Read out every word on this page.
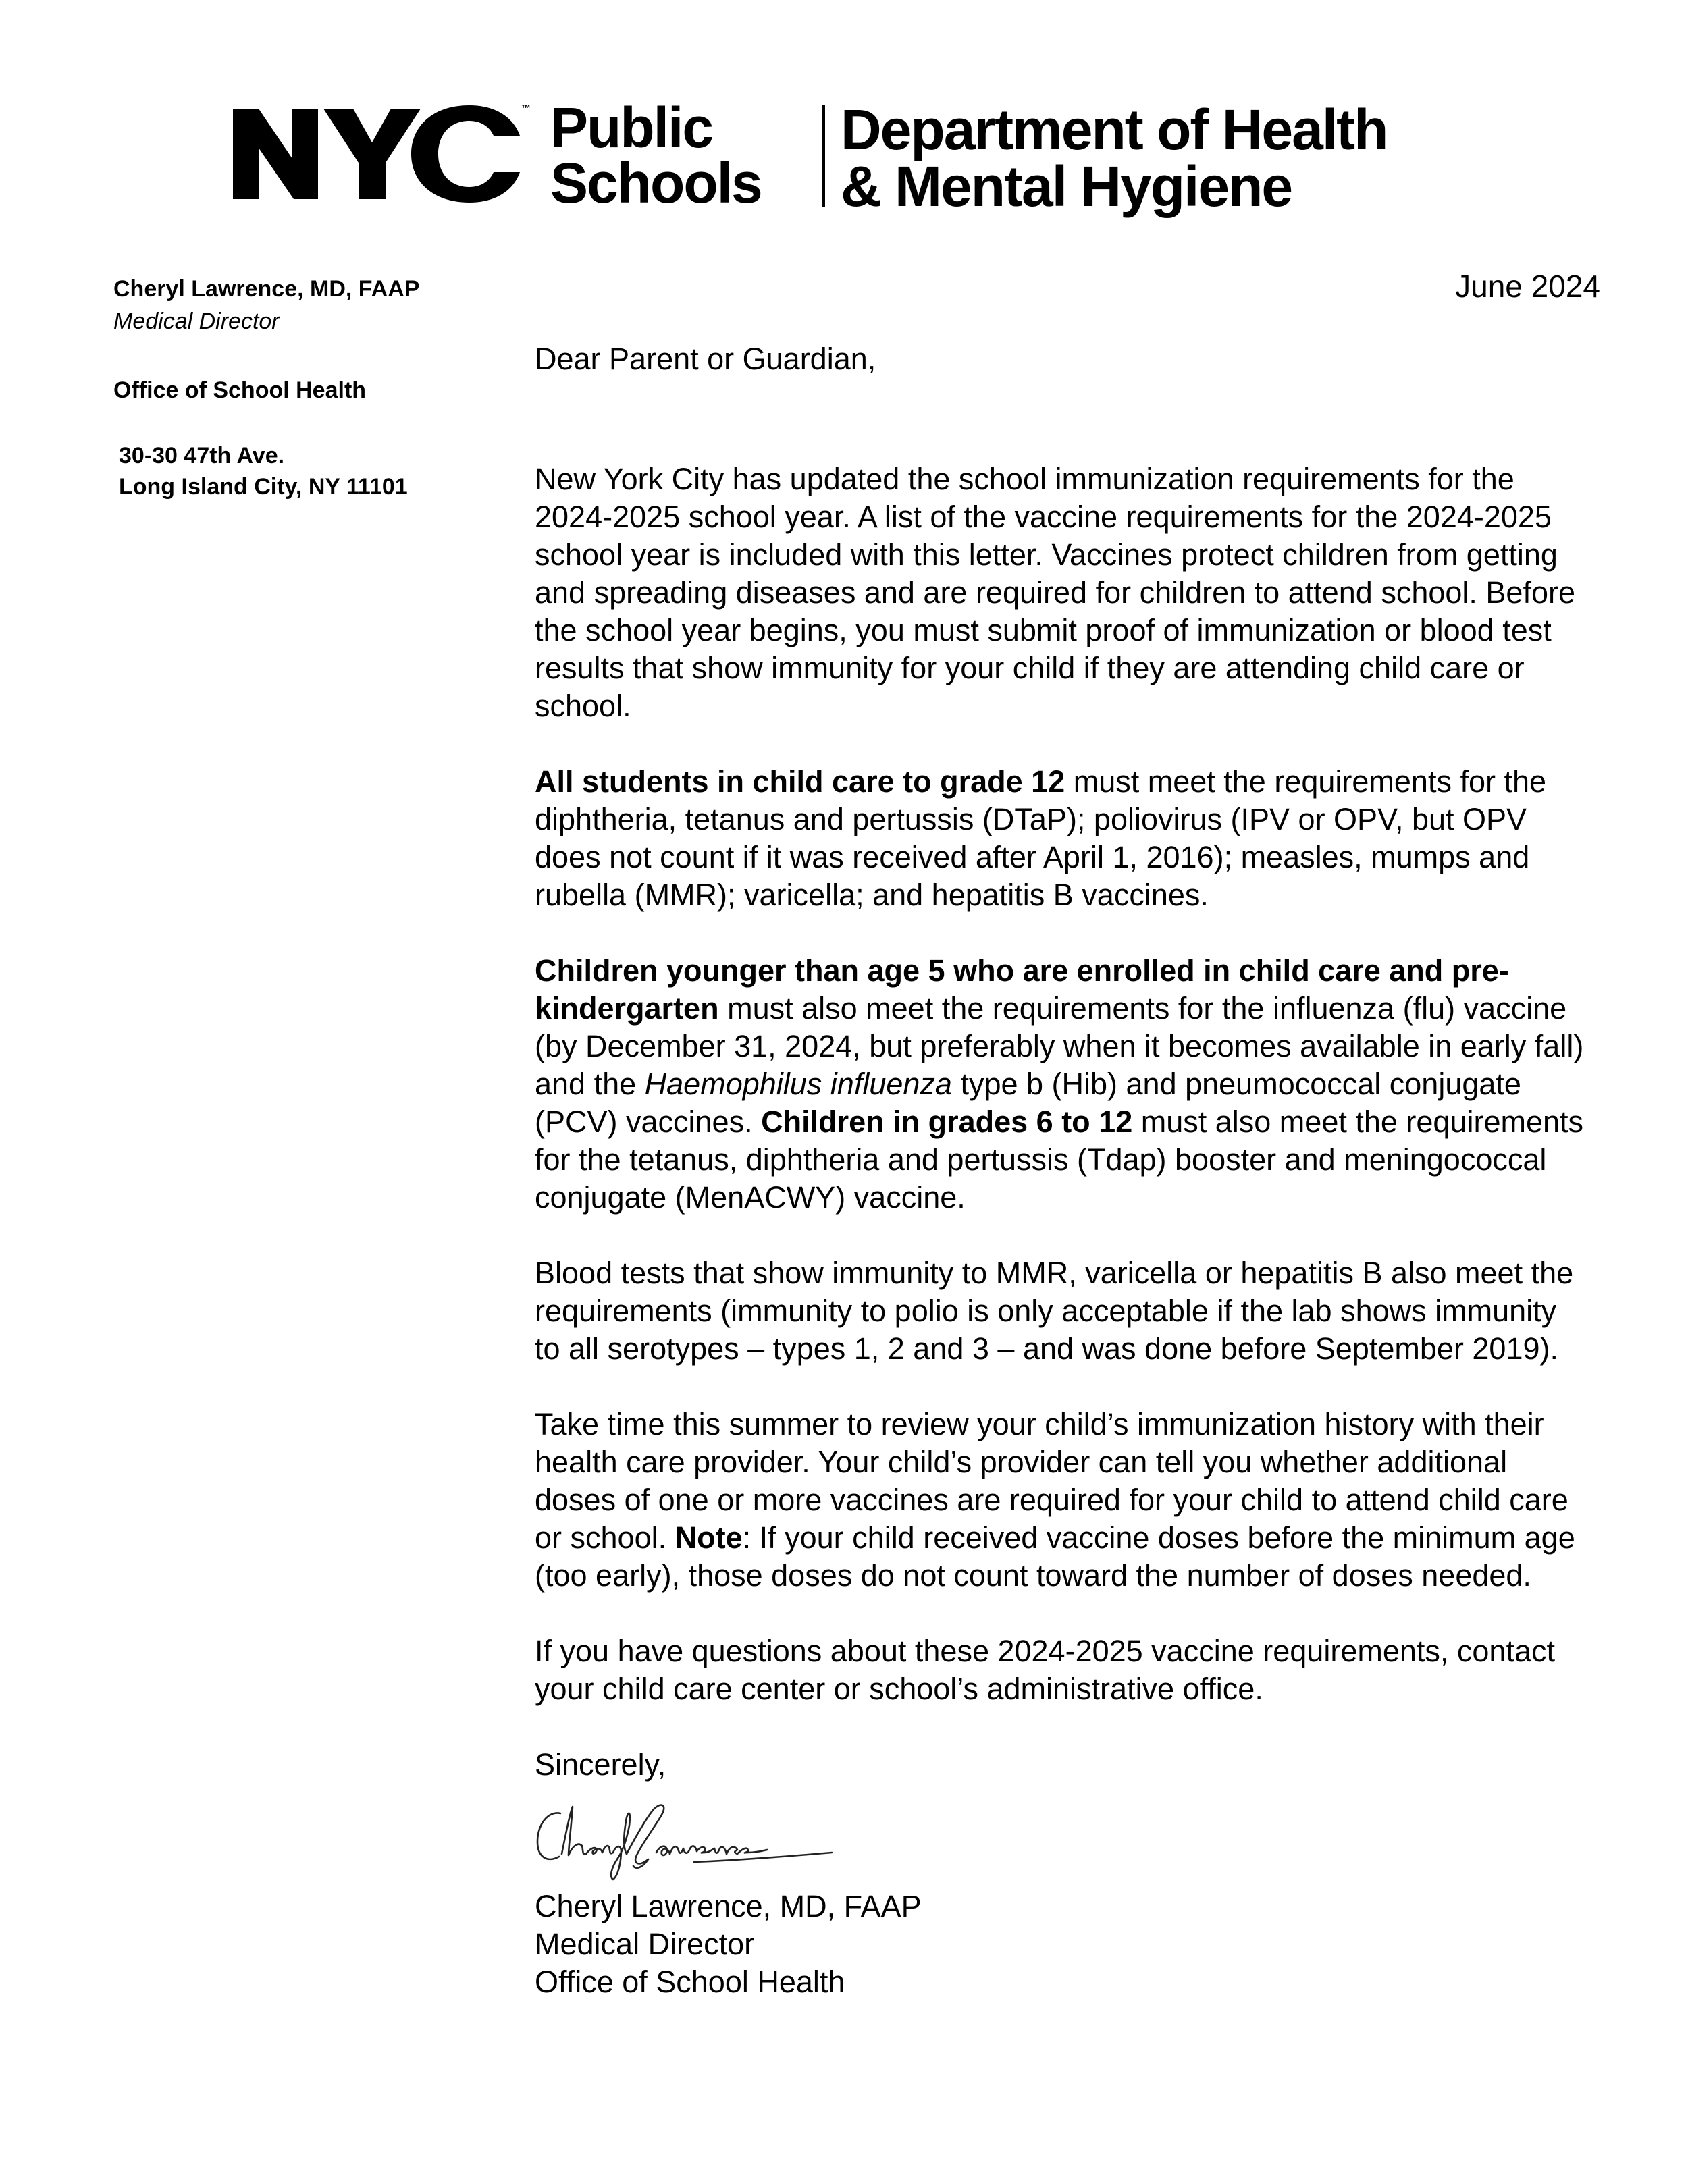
™ Public
Schools
Department of Health
& Mental Hygiene

Cheryl Lawrence, MD, FAAP

Medical Director

Office of School Health

30-30 47th Ave.
Long Island City, NY 11101
June 2024

Dear Parent or Guardian,

New York City has updated the school immunization requirements for the 2024-2025 school year. A list of the vaccine requirements for the 2024-2025 school year is included with this letter. Vaccines protect children from getting and spreading diseases and are required for children to attend school. Before the school year begins, you must submit proof of immunization or blood test results that show immunity for your child if they are attending child care or school.

All students in child care to grade 12 must meet the requirements for the diphtheria, tetanus and pertussis (DTaP); poliovirus (IPV or OPV, but OPV does not count if it was received after April 1, 2016); measles, mumps and rubella (MMR); varicella; and hepatitis B vaccines.

Children younger than age 5 who are enrolled in child care and pre-kindergarten must also meet the requirements for the influenza (flu) vaccine (by December 31, 2024, but preferably when it becomes available in early fall) and the Haemophilus influenza type b (Hib) and pneumococcal conjugate (PCV) vaccines. Children in grades 6 to 12 must also meet the requirements for the tetanus, diphtheria and pertussis (Tdap) booster and meningococcal conjugate (MenACWY) vaccine.

Blood tests that show immunity to MMR, varicella or hepatitis B also meet the requirements (immunity to polio is only acceptable if the lab shows immunity to all serotypes – types 1, 2 and 3 – and was done before September 2019).

Take time this summer to review your child’s immunization history with their health care provider. Your child’s provider can tell you whether additional doses of one or more vaccines are required for your child to attend child care or school. Note: If your child received vaccine doses before the minimum age (too early), those doses do not count toward the number of doses needed.

If you have questions about these 2024-2025 vaccine requirements, contact your child care center or school’s administrative office.

Sincerely,

Cheryl Lawrence, MD, FAAP

Medical Director

Office of School Health
